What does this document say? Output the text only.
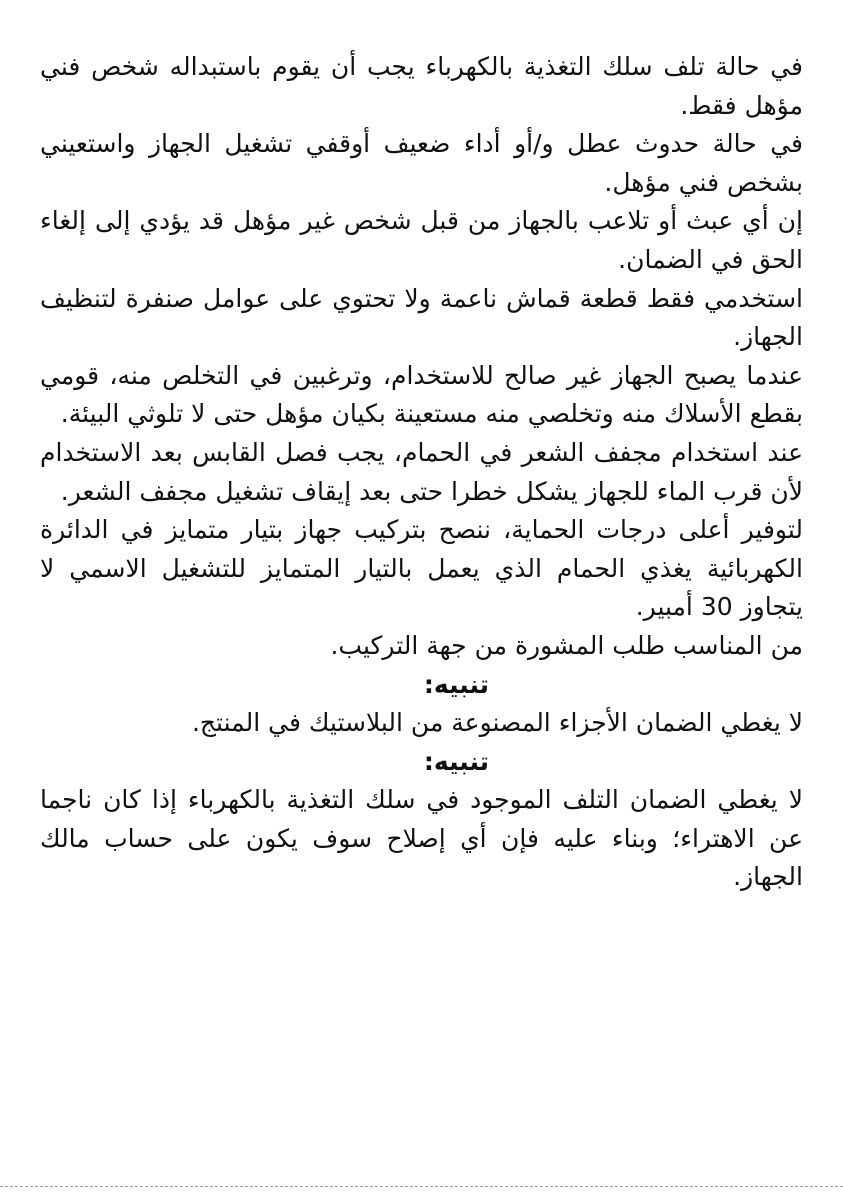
في حالة تلف سلك التغذية بالكهرباء يجب أن يقوم باستبداله شخص فني مؤهل فقط.

في حالة حدوث عطل و/أو أداء ضعيف أوقفي تشغيل الجهاز واستعيني بشخص فني مؤهل.

إن أي عبث أو تلاعب بالجهاز من قبل شخص غير مؤهل قد يؤدي إلى إلغاء الحق في الضمان.

استخدمي فقط قطعة قماش ناعمة ولا تحتوي على عوامل صنفرة لتنظيف الجهاز.

عندما يصبح الجهاز غير صالح للاستخدام، وترغبين في التخلص منه، قومي بقطع الأسلاك منه وتخلصي منه مستعينة بكيان مؤهل حتى لا تلوثي البيئة.

عند استخدام مجفف الشعر في الحمام، يجب فصل القابس بعد الاستخدام لأن قرب الماء للجهاز يشكل خطرا حتى بعد إيقاف تشغيل مجفف الشعر.

لتوفير أعلى درجات الحماية، ننصح بتركيب جهاز بتيار متمايز في الدائرة الكهربائية يغذي الحمام الذي يعمل بالتيار المتمايز للتشغيل الاسمي لا يتجاوز 30 أمبير.

من المناسب طلب المشورة من جهة التركيب.

تنبيه:

لا يغطي الضمان الأجزاء المصنوعة من البلاستيك في المنتج.

تنبيه:

لا يغطي الضمان التلف الموجود في سلك التغذية بالكهرباء إذا كان ناجما عن الاهتراء؛ وبناء عليه فإن أي إصلاح سوف يكون على حساب مالك الجهاز.
